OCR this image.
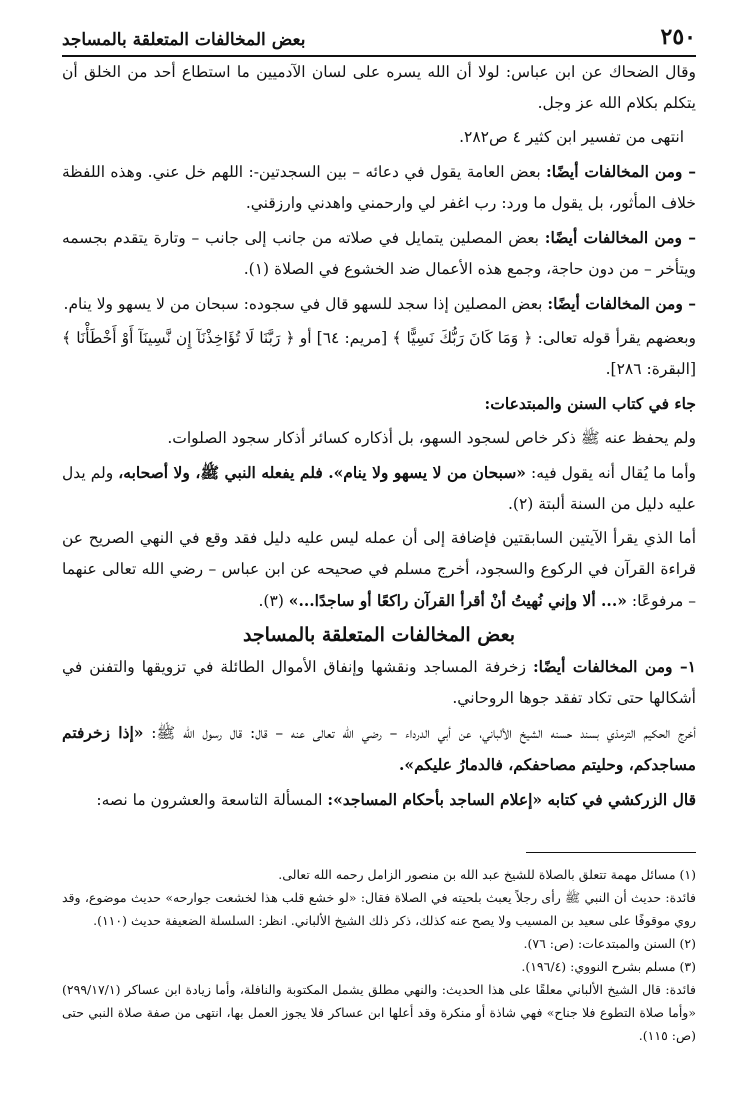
٢٥٠
بعض المخالفات المتعلقة بالمساجد

وقال الضحاك عن ابن عباس: لولا أن الله يسره على لسان الآدميين ما استطاع أحد من الخلق أن يتكلم بكلام الله عز وجل.

انتهى من تفسير ابن كثير ٤ ص٢٨٢.

– ومن المخالفات أيضًا: بعض العامة يقول في دعائه – بين السجدتين-: اللهم خل عني. وهذه اللفظة خلاف المأثور، بل يقول ما ورد: رب اغفر لي وارحمني واهدني وارزقني.

– ومن المخالفات أيضًا: بعض المصلين يتمايل في صلاته من جانب إلى جانب – وتارة يتقدم بجسمه ويتأخر – من دون حاجة، وجمع هذه الأعمال ضد الخشوع في الصلاة (١).

– ومن المخالفات أيضًا: بعض المصلين إذا سجد للسهو قال في سجوده: سبحان من لا يسهو ولا ينام.

وبعضهم يقرأ قوله تعالى: ﴿ وَمَا كَانَ رَبُّكَ نَسِيًّا ﴾ [مريم: ٦٤] أو ﴿ رَبَّنَا لَا تُؤَاخِذْنَآ إِن نَّسِينَآ أَوْ أَخْطَأْنَا ﴾ [البقرة: ٢٨٦].

جاء في كتاب السنن والمبتدعات:

ولم يحفظ عنه ﷺ ذكر خاص لسجود السهو، بل أذكاره كسائر أذكار سجود الصلوات.

وأما ما يُقال أنه يقول فيه: «سبحان من لا يسهو ولا ينام». فلم يفعله النبي ﷺ، ولا أصحابه، ولم يدل عليه دليل من السنة ألبتة (٢).

أما الذي يقرأ الآيتين السابقتين فإضافة إلى أن عمله ليس عليه دليل فقد وقع في النهي الصريح عن قراءة القرآن في الركوع والسجود، أخرج مسلم في صحيحه عن ابن عباس – رضي الله تعالى عنهما – مرفوعًا: «... ألا وإني نُهيتُ أنْ أقرأ القرآن راكعًا أو ساجدًا...» (٣).

بعض المخالفات المتعلقة بالمساجد

١– ومن المخالفات أيضًا: زخرفة المساجد ونقشها وإنفاق الأموال الطائلة في تزويقها والتفنن في أشكالها حتى تكاد تفقد جوها الروحاني.

أخرج الحكيم الترمذي بسند حسنه الشيخ الألباني، عن أبي الدرداء – رضي الله تعالى عنه – قال: قال رسول الله ﷺ: «إذا زخرفتم مساجدكم، وحليتم مصاحفكم، فالدمارُ عليكم».

قال الزركشي في كتابه «إعلام الساجد بأحكام المساجد»: المسألة التاسعة والعشرون ما نصه:

(١) مسائل مهمة تتعلق بالصلاة للشيخ عبد الله بن منصور الزامل رحمه الله تعالى.

فائدة: حديث أن النبي ﷺ رأى رجلاً يعبث بلحيته في الصلاة فقال: «لو خشع قلب هذا لخشعت جوارحه» حديث موضوع، وقد روي موقوفًا على سعيد بن المسيب ولا يصح عنه كذلك، ذكر ذلك الشيخ الألباني. انظر: السلسلة الضعيفة حديث (١١٠).

(٢) السنن والمبتدعات: (ص: ٧٦).

(٣) مسلم بشرح النووي: (١٩٦/٤).

فائدة: قال الشيخ الألباني معلقًا على هذا الحديث: والنهي مطلق يشمل المكتوبة والنافلة، وأما زيادة ابن عساكر (٢٩٩/١٧/١) «وأما صلاة التطوع فلا جناح» فهي شاذة أو منكرة وقد أعلها ابن عساكر فلا يجوز العمل بها، انتهى من صفة صلاة النبي حتى (ص: ١١٥).
